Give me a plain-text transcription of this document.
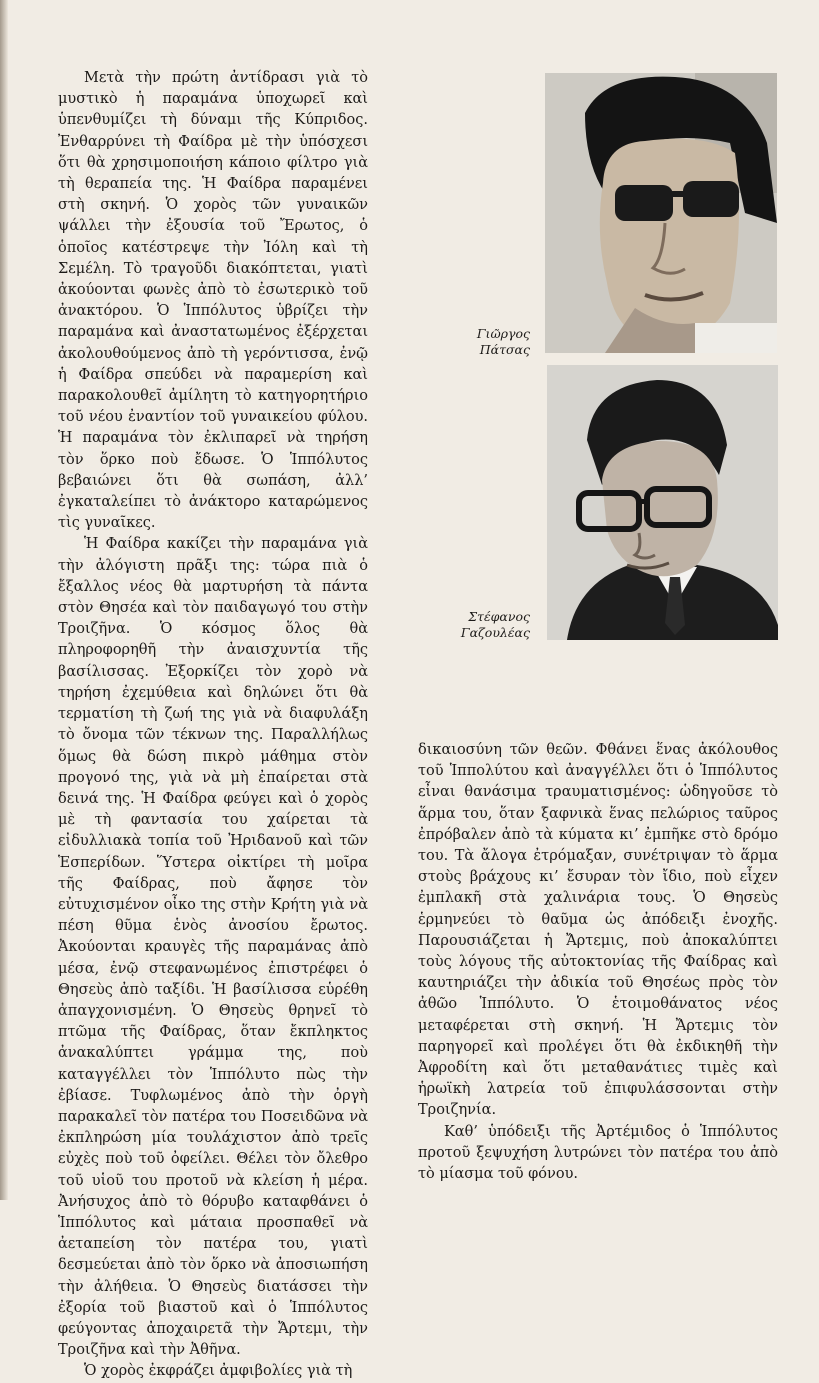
Μετὰ τὴν πρώτη ἀντίδρασι γιὰ τὸ μυστικὸ ἡ παραμάνα ὑποχωρεῖ καὶ ὑπενθυμίζει τὴ δύναμι τῆς Κύπριδος. Ἐνθαρρύνει τὴ Φαίδρα μὲ τὴν ὑπόσχεσι ὅτι θὰ χρησιμοποιήση κάποιο φίλτρο γιὰ τὴ θεραπεία της. Ἡ Φαίδρα παραμένει στὴ σκηνή. Ὁ χορὸς τῶν γυναικῶν ψάλλει τὴν ἐξουσία τοῦ Ἔρωτος, ὁ ὁποῖος κατέστρεψε τὴν Ἰόλη καὶ τὴ Σεμέλη. Τὸ τραγοῦδι διακόπτεται, γιατὶ ἀκούονται φωνὲς ἀπὸ τὸ ἐσωτερικὸ τοῦ ἀνακτόρου. Ὁ Ἱππόλυτος ὑβρίζει τὴν παραμάνα καὶ ἀναστατωμένος ἐξέρχεται ἀκολουθούμενος ἀπὸ τὴ γερόντισσα, ἐνῷ ἡ Φαίδρα σπεύδει νὰ παραμερίση καὶ παρακολουθεῖ ἀμίλητη τὸ κατηγορητήριο τοῦ νέου ἐναντίον τοῦ γυναικείου φύλου. Ἡ παραμάνα τὸν ἐκλιπαρεῖ νὰ τηρήση τὸν ὅρκο ποὺ ἔδωσε. Ὁ Ἱππόλυτος βεβαιώνει ὅτι θὰ σωπάση, ἀλλ’ ἐγκαταλείπει τὸ ἀνάκτορο καταρώμενος τὶς γυναῖκες.

Ἡ Φαίδρα κακίζει τὴν παραμάνα γιὰ τὴν ἀλόγιστη πρᾶξι της: τώρα πιὰ ὁ ἔξαλλος νέος θὰ μαρτυρήση τὰ πάντα στὸν Θησέα καὶ τὸν παιδαγωγό του στὴν Τροιζῆνα. Ὁ κόσμος ὅλος θὰ πληροφορηθῆ τὴν ἀναισχυντία τῆς βασίλισσας. Ἐξορκίζει τὸν χορὸ νὰ τηρήση ἐχεμύθεια καὶ δηλώνει ὅτι θὰ τερματίση τὴ ζωή της γιὰ νὰ διαφυλάξη τὸ ὄνομα τῶν τέκνων της. Παραλλήλως ὅμως θὰ δώση πικρὸ μάθημα στὸν προγονό της, γιὰ νὰ μὴ ἐπαίρεται στὰ δεινά της. Ἡ Φαίδρα φεύγει καὶ ὁ χορὸς μὲ τὴ φαντασία του χαίρεται τὰ εἰδυλλιακὰ τοπία τοῦ Ἠριδανοῦ καὶ τῶν Ἑσπερίδων. Ὕστερα οἰκτίρει τὴ μοῖρα τῆς Φαίδρας, ποὺ ἄφησε τὸν εὐτυχισμένον οἶκο της στὴν Κρήτη γιὰ νὰ πέση θῦμα ἑνὸς ἀνοσίου ἔρωτος. Ἀκούονται κραυγὲς τῆς παραμάνας ἀπὸ μέσα, ἐνῷ στεφανωμένος ἐπιστρέφει ὁ Θησεὺς ἀπὸ ταξίδι. Ἡ βασίλισσα εὑρέθη ἀπαγχονισμένη. Ὁ Θησεὺς θρηνεῖ τὸ πτῶμα τῆς Φαίδρας, ὅταν ἔκπληκτος ἀνακαλύπτει γράμμα της, ποὺ καταγγέλλει τὸν Ἱππόλυτο πὼς τὴν ἐβίασε. Τυφλωμένος ἀπὸ τὴν ὀργὴ παρακαλεῖ τὸν πατέρα του Ποσειδῶνα νὰ ἐκπληρώση μία τουλάχιστον ἀπὸ τρεῖς εὐχὲς ποὺ τοῦ ὀφείλει. Θέλει τὸν ὄλεθρο τοῦ υἱοῦ του προτοῦ νὰ κλείση ἡ μέρα. Ἀνήσυχος ἀπὸ τὸ θόρυβο καταφθάνει ὁ Ἱππόλυτος καὶ μάταια προσπαθεῖ νὰ ἀεταπείση τὸν πατέρα του, γιατὶ δεσμεύεται ἀπὸ τὸν ὅρκο νὰ ἀποσιωπήση τὴν ἀλήθεια. Ὁ Θησεὺς διατάσσει τὴν ἐξορία τοῦ βιαστοῦ καὶ ὁ Ἱππόλυτος φεύγοντας ἀποχαιρετᾶ τὴν Ἄρτεμι, τὴν Τροιζῆνα καὶ τὴν Ἀθῆνα.

Ὁ χορὸς ἐκφράζει ἀμφιβολίες γιὰ τὴ

Γιῶργος
Πάτσας
Στέφανος
Γαζουλέας

δικαιοσύνη τῶν θεῶν. Φθάνει ἕνας ἀκόλουθος τοῦ Ἱππολύτου καὶ ἀναγγέλλει ὅτι ὁ Ἱππόλυτος εἶναι θανάσιμα τραυματισμένος: ὡδηγοῦσε τὸ ἅρμα του, ὅταν ξαφνικὰ ἕνας πελώριος ταῦρος ἐπρόβαλεν ἀπὸ τὰ κύματα κι’ ἐμπῆκε στὸ δρόμο του. Τὰ ἄλογα ἐτρόμαξαν, συνέτριψαν τὸ ἅρμα στοὺς βράχους κι’ ἔσυραν τὸν ἴδιο, ποὺ εἶχεν ἐμπλακῆ στὰ χαλινάρια τους. Ὁ Θησεὺς ἑρμηνεύει τὸ θαῦμα ὡς ἀπόδειξι ἐνοχῆς. Παρουσιάζεται ἡ Ἄρτεμις, ποὺ ἀποκαλύπτει τοὺς λόγους τῆς αὐτοκτονίας τῆς Φαίδρας καὶ καυτηριάζει τὴν ἀδικία τοῦ Θησέως πρὸς τὸν ἀθῶο Ἱππόλυτο. Ὁ ἑτοιμοθάνατος νέος μεταφέρεται στὴ σκηνή. Ἡ Ἄρτεμις τὸν παρηγορεῖ καὶ προλέγει ὅτι θὰ ἐκδικηθῆ τὴν Ἀφροδίτη καὶ ὅτι μεταθανάτιες τιμὲς καὶ ἡρωϊκὴ λατρεία τοῦ ἐπιφυλάσσονται στὴν Τροιζηνία.

Καθ’ ὑπόδειξι τῆς Ἀρτέμιδος ὁ Ἱππόλυτος προτοῦ ξεψυχήση λυτρώνει τὸν πατέρα του ἀπὸ τὸ μίασμα τοῦ φόνου.
